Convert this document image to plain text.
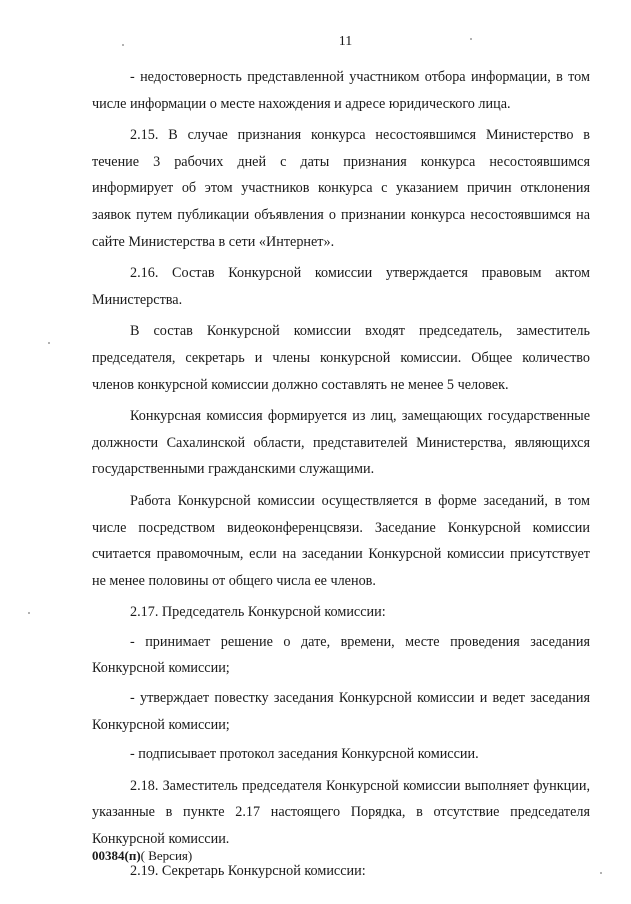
11

- недостоверность представленной участником отбора информации, в том числе информации о месте нахождения и адресе юридического лица.

2.15. В случае признания конкурса несостоявшимся Министерство в течение 3 рабочих дней с даты признания конкурса несостоявшимся информирует об этом участников конкурса с указанием причин отклонения заявок путем публикации объявления о признании конкурса несостоявшимся на сайте Министерства в сети «Интернет».

2.16. Состав Конкурсной комиссии утверждается правовым актом Министерства.

В состав Конкурсной комиссии входят председатель, заместитель председателя, секретарь и члены конкурсной комиссии. Общее количество членов конкурсной комиссии должно составлять не менее 5 человек.

Конкурсная комиссия формируется из лиц, замещающих государственные должности Сахалинской области, представителей Министерства, являющихся государственными гражданскими служащими.

Работа Конкурсной комиссии осуществляется в форме заседаний, в том числе посредством видеоконференцсвязи. Заседание Конкурсной комиссии считается правомочным, если на заседании Конкурсной комиссии присутствует не менее половины от общего числа ее членов.

2.17. Председатель Конкурсной комиссии:

- принимает решение о дате, времени, месте проведения заседания Конкурсной комиссии;

- утверждает повестку заседания Конкурсной комиссии и ведет заседания Конкурсной комиссии;

- подписывает протокол заседания Конкурсной комиссии.

2.18. Заместитель председателя Конкурсной комиссии выполняет функции, указанные в пункте 2.17 настоящего Порядка, в отсутствие председателя Конкурсной комиссии.

2.19. Секретарь Конкурсной комиссии:

00384(п)( Версия)
